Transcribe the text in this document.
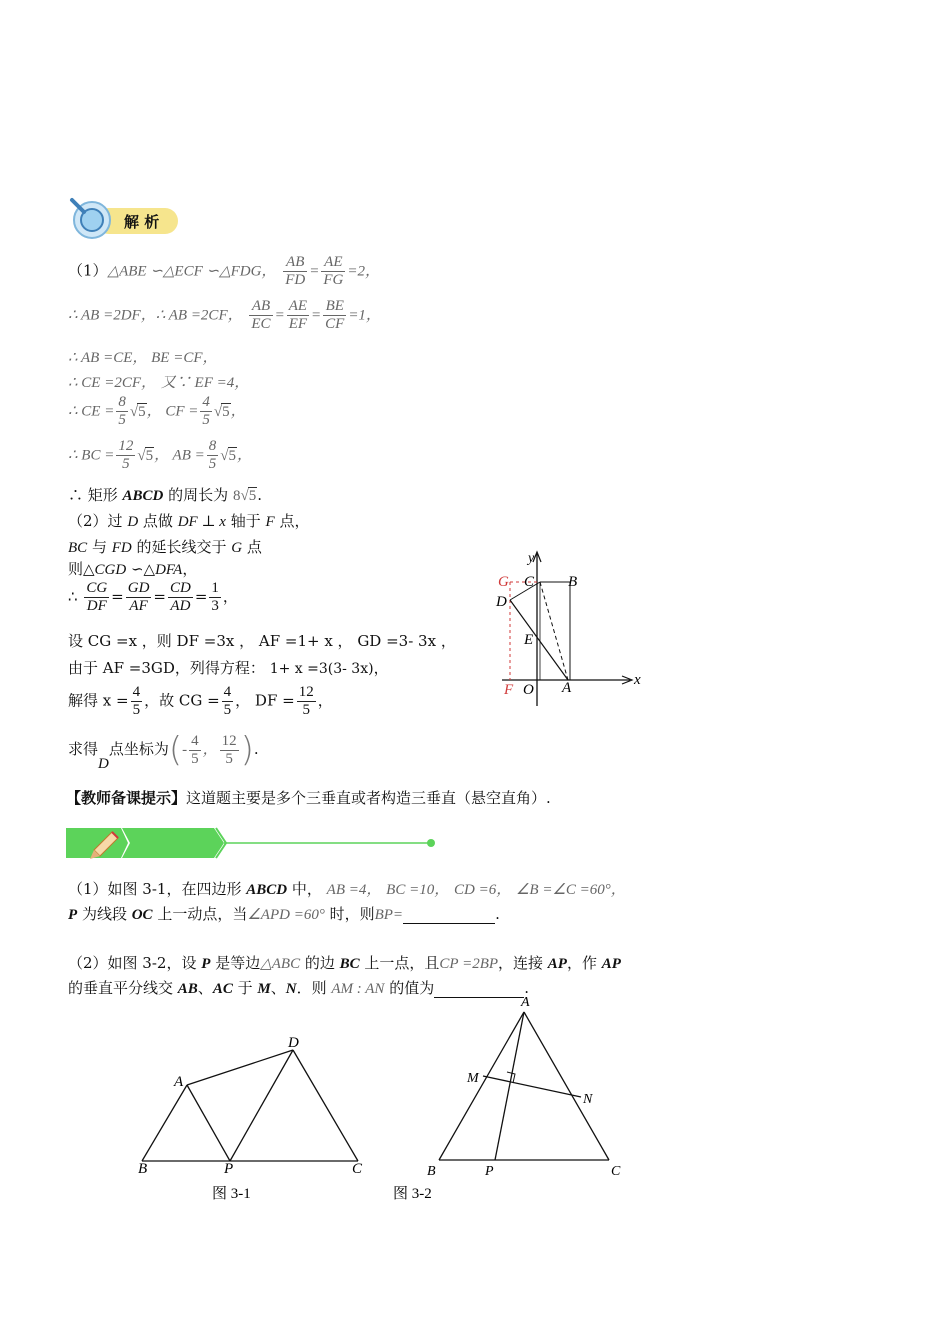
解 析
（1）△ABE ∽△ECF ∽△FDG， $\frac{AB}{FD} = \frac{AE}{FG} =2$，
∴ AB =2DF，∴ AB =2CF， $\frac{AB}{EC} = \frac{AE}{EF} = \frac{BE}{CF} =1$，
∴ AB =CE， BE =CF，
∴ CE =2CF， 又∵ EF =4，
∴ CE = $\frac{8}{5} √5$， CF = $\frac{4}{5} √5$，
∴ BC = $\frac{12}{5} √5$， AB = $\frac{8}{5} √5$，
∴ 矩形 ABCD 的周长为 8√5.
（2）过 D 点做 DF ⊥ x 轴于 F 点，
BC 与 FD 的延长线交于 G 点
则△CGD ∽△DFA，
∴ $\frac{CG}{DF} = \frac{GD}{AF} = \frac{CD}{AD} = \frac{1}{3}$ ，
设 CG =x ，则 DF =3x ， AF =1+ x ， GD =3- 3x ，
由于 AF =3GD，列得方程： 1+ x =3(3- 3x)，
解得 $x = \frac{4}{5}$ ，故 CG = $\frac{4}{5}$ ， DF = $\frac{12}{5}$ ，
求得D点坐标为(- $\frac{4}{5}$ ， $\frac{12}{5}$ ).
【教师备课提示】这道题主要是多个三垂直或者构造三垂直（悬空直角）.
y
x
G C B
D
E
F O A
（1）如图 3-1，在四边形 ABCD 中， AB =4， BC =10， CD =6， ∠B =∠C =60°，
P 为线段 OC 上一动点，当∠APD =60° 时，则BP=	.
（2）如图 3-2，设 P 是等边△ABC 的边 BC 上一点，且CP =2BP，连接 AP，作 AP
的垂直平分线交 AB、AC 于 M、N．则 AM : AN 的值为	.
A
D
B	P	C
图 3-1
A
M
N
B	P	C
图 3-2
